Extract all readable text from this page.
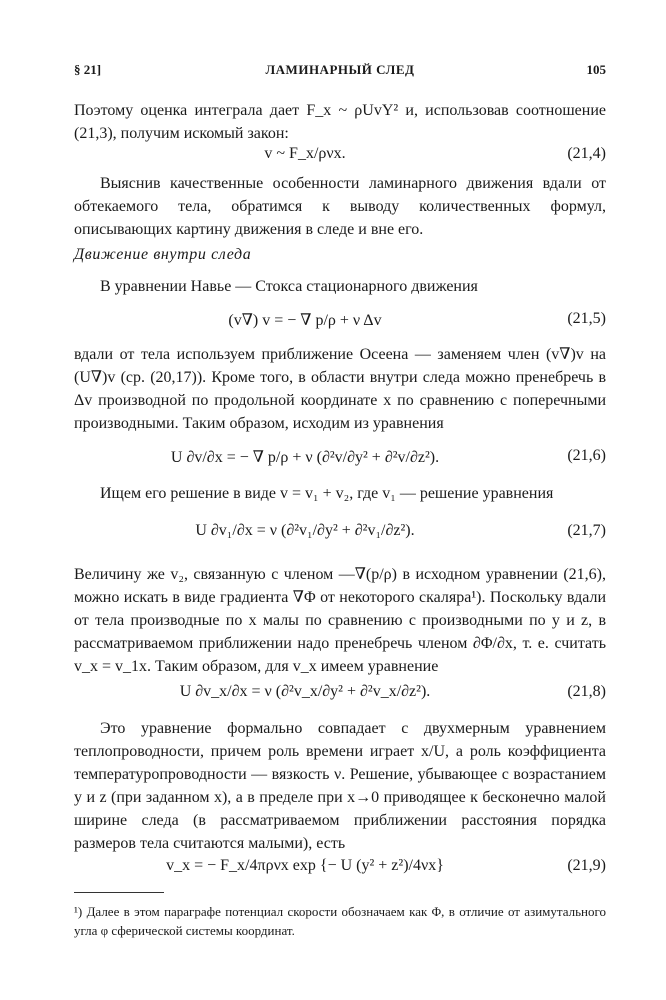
§ 21]	ЛАМИНАРНЫЙ СЛЕД	105
Поэтому оценка интеграла дает F_x ~ ρUvY² и, использовав соотношение (21,3), получим искомый закон:
v ~ F_x/ρνx.	(21,4)
Выяснив качественные особенности ламинарного движения вдали от обтекаемого тела, обратимся к выводу количественных формул, описывающих картину движения в следе и вне его.
Движение внутри следа
В уравнении Навье — Стокса стационарного движения
(v∇) v = − ∇ p/ρ + ν Δv	(21,5)
вдали от тела используем приближение Осеена — заменяем член (v∇)v на (U∇)v (ср. (20,17)). Кроме того, в области внутри следа можно пренебречь в Δv производной по продольной координате x по сравнению с поперечными производными. Таким образом, исходим из уравнения
U ∂v/∂x = − ∇ p/ρ + ν (∂²v/∂y² + ∂²v/∂z²).	(21,6)
Ищем его решение в виде v = v₁ + v₂, где v₁ — решение уравнения
U ∂v₁/∂x = ν (∂²v₁/∂y² + ∂²v₁/∂z²).	(21,7)
Величину же v₂, связанную с членом —∇(p/ρ) в исходном уравнении (21,6), можно искать в виде градиента ∇Φ от некоторого скаляра¹). Поскольку вдали от тела производные по x малы по сравнению с производными по y и z, в рассматриваемом приближении надо пренебречь членом ∂Φ/∂x, т. е. считать v_x = v_1x. Таким образом, для v_x имеем уравнение
U ∂v_x/∂x = ν (∂²v_x/∂y² + ∂²v_x/∂z²).	(21,8)
Это уравнение формально совпадает с двухмерным уравнением теплопроводности, причем роль времени играет x/U, а роль коэффициента температуропроводности — вязкость ν. Решение, убывающее с возрастанием y и z (при заданном x), а в пределе при x→0 приводящее к бесконечно малой ширине следа (в рассматриваемом приближении расстояния порядка размеров тела считаются малыми), есть
v_x = − F_x/4πρνx exp {− U (y² + z²)/4νx}	(21,9)
¹) Далее в этом параграфе потенциал скорости обозначаем как Φ, в отличие от азимутального угла φ сферической системы координат.
